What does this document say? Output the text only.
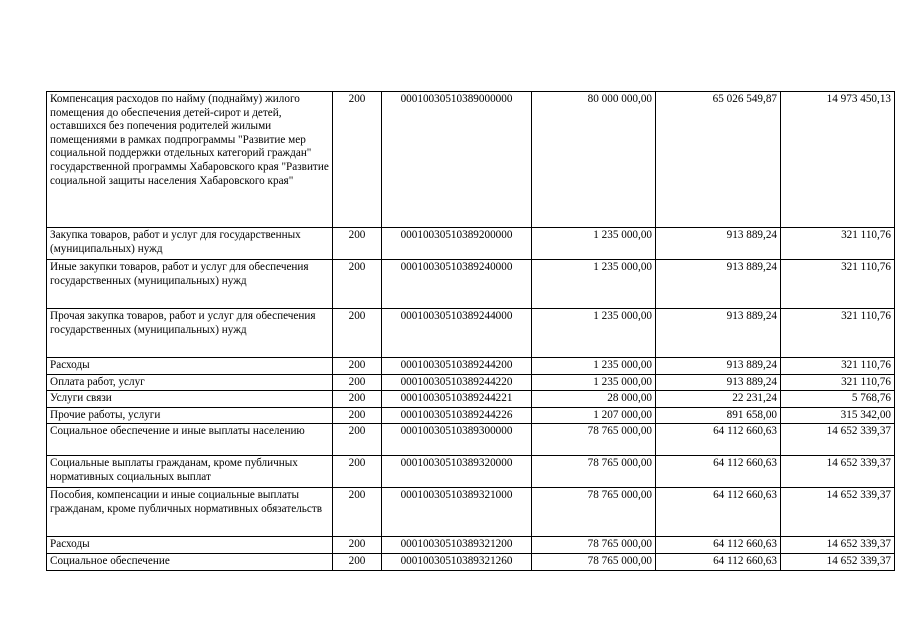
Компенсация расходов по найму (поднайму) жилого помещения до обеспечения детей-сирот и детей, оставшихся без попечения родителей жилыми помещениями в рамках подпрограммы "Развитие мер социальной поддержки отдельных категорий граждан" государственной программы Хабаровского края "Развитие социальной защиты населения Хабаровского края"	200	00010030510389000000	80 000 000,00	65 026 549,87	14 973 450,13
Закупка товаров, работ и услуг для государственных (муниципальных) нужд	200	00010030510389200000	1 235 000,00	913 889,24	321 110,76
Иные закупки товаров, работ и услуг для обеспечения государственных (муниципальных) нужд	200	00010030510389240000	1 235 000,00	913 889,24	321 110,76
Прочая закупка товаров, работ и услуг для обеспечения государственных (муниципальных) нужд	200	00010030510389244000	1 235 000,00	913 889,24	321 110,76
Расходы	200	00010030510389244200	1 235 000,00	913 889,24	321 110,76
Оплата работ, услуг	200	00010030510389244220	1 235 000,00	913 889,24	321 110,76
Услуги связи	200	00010030510389244221	28 000,00	22 231,24	5 768,76
Прочие работы, услуги	200	00010030510389244226	1 207 000,00	891 658,00	315 342,00
Социальное обеспечение и иные выплаты населению	200	00010030510389300000	78 765 000,00	64 112 660,63	14 652 339,37
Социальные выплаты гражданам, кроме публичных нормативных социальных выплат	200	00010030510389320000	78 765 000,00	64 112 660,63	14 652 339,37
Пособия, компенсации и иные социальные выплаты гражданам, кроме публичных нормативных обязательств	200	00010030510389321000	78 765 000,00	64 112 660,63	14 652 339,37
Расходы	200	00010030510389321200	78 765 000,00	64 112 660,63	14 652 339,37
Социальное обеспечение	200	00010030510389321260	78 765 000,00	64 112 660,63	14 652 339,37
